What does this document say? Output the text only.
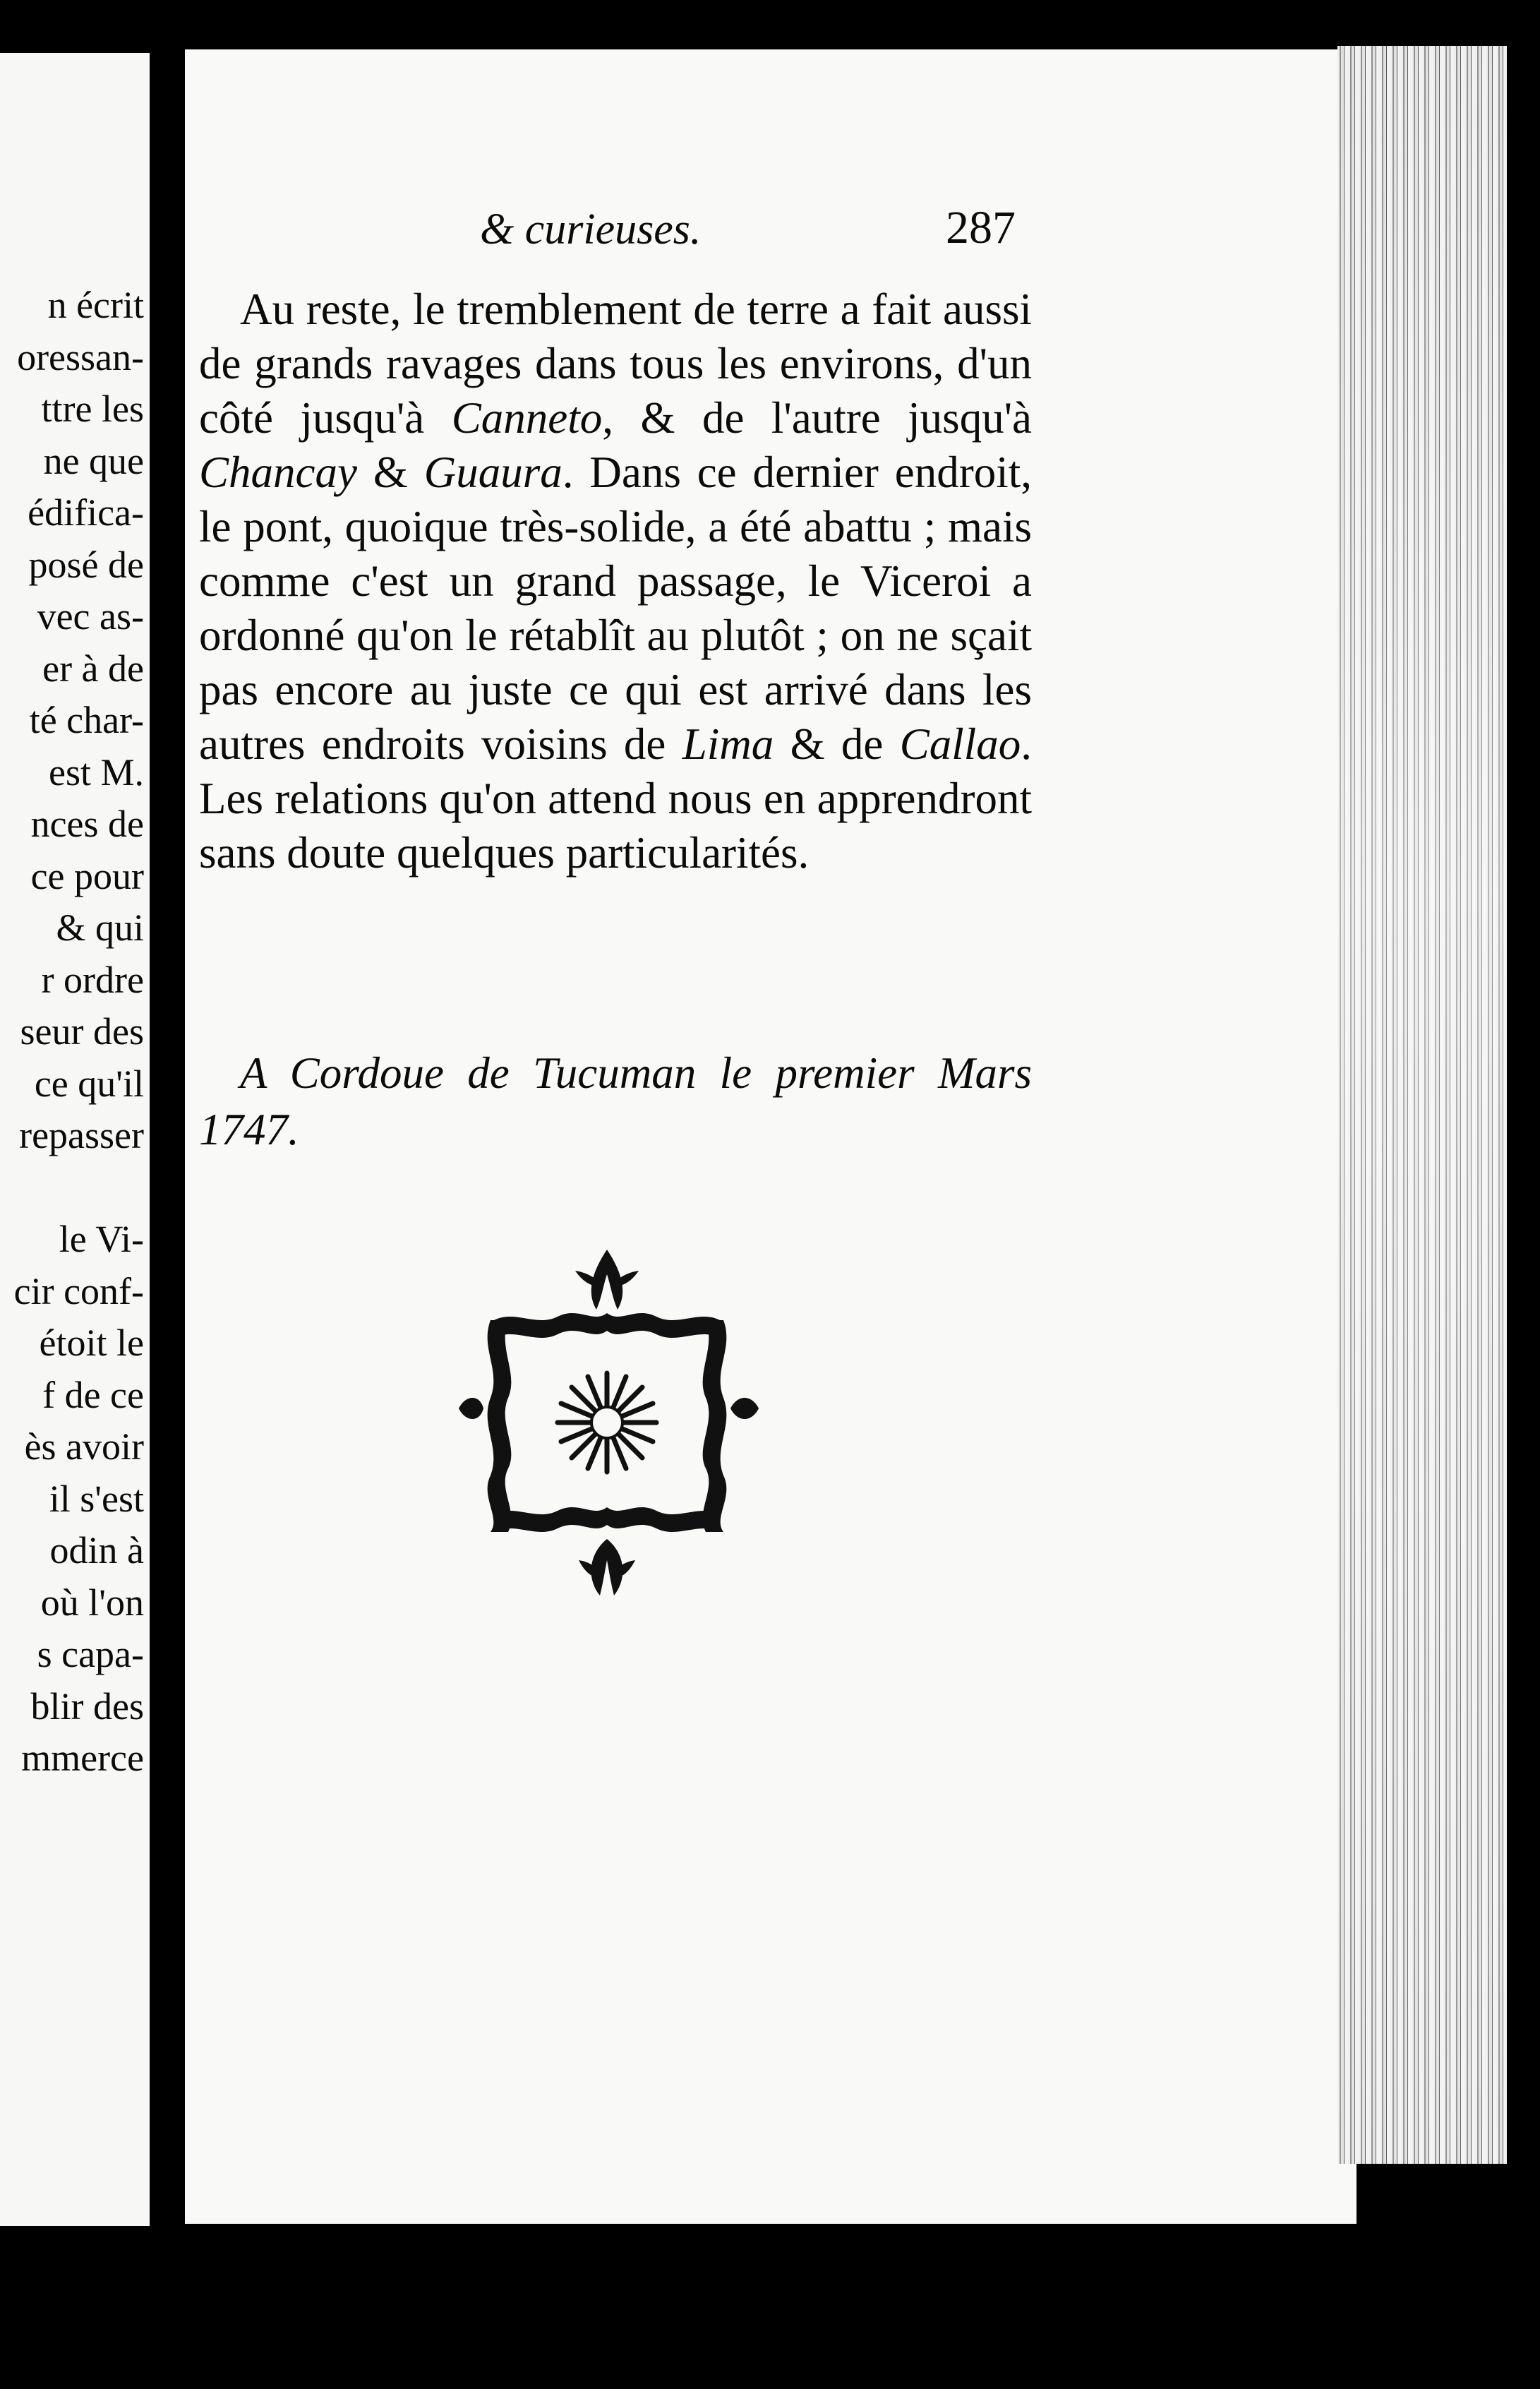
n écrit
oressan-
ttre les
ne que
édifica-
posé de
vec as-
er à de
té char-
est M.
nces de
ce pour
& qui
r ordre
seur des
ce qu'il
repasser
le Vi-
cir conf-
étoit le
f de ce
ès avoir
il s'est
odin à
où l'on
s capa-
blir des
mmerce
& curieuses.	287

Au reste, le tremblement de terre a fait aussi de grands ravages dans tous les environs, d'un côté jusqu'à Canneto, & de l'autre jusqu'à Chancay & Guaura. Dans ce dernier endroit, le pont, quoique très-solide, a été abattu ; mais comme c'est un grand passage, le Viceroi a ordonné qu'on le rétablît au plutôt ; on ne sçait pas encore au juste ce qui est arrivé dans les autres endroits voisins de Lima & de Callao. Les relations qu'on attend nous en apprendront sans doute quelques particularités.

A Cordoue de Tucuman le premier Mars 1747.
